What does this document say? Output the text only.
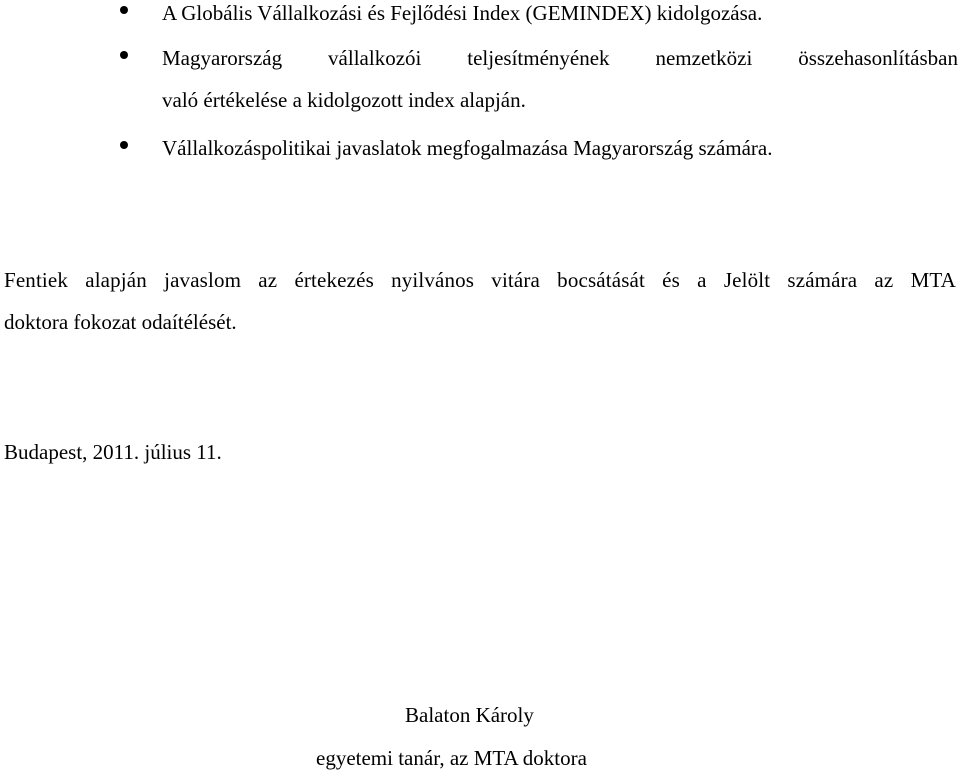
A Globális Vállalkozási és Fejlődési Index (GEMINDEX) kidolgozása.
Magyarország vállalkozói teljesítményének nemzetközi összehasonlításban
való értékelése a kidolgozott index alapján.
Vállalkozáspolitikai javaslatok megfogalmazása Magyarország számára.

Fentiek alapján javaslom az értekezés nyilvános vitára bocsátását és a Jelölt számára az MTA
doktora fokozat odaítélését.

Budapest, 2011. július 11.

Balaton Károly
egyetemi tanár, az MTA doktora
